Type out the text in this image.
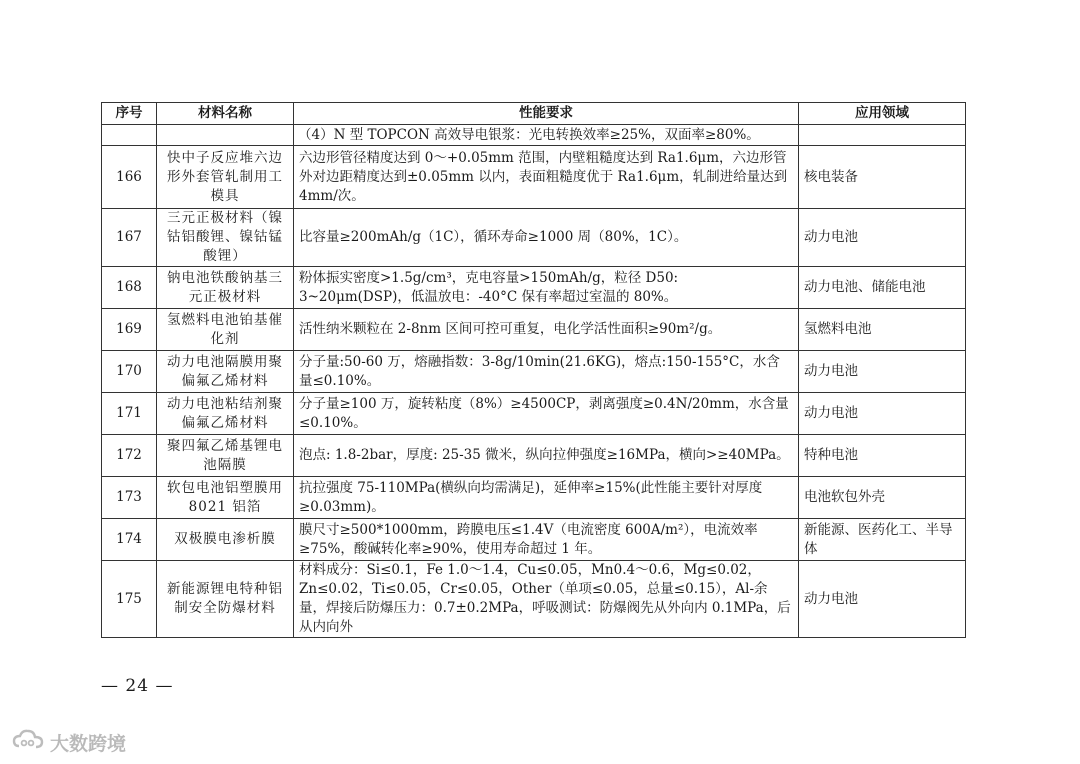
序号	材料名称	性能要求	应用领域
		（4）N 型 TOPCON 高效导电银浆：光电转换效率≥25%，双面率≥80%。	
166	快中子反应堆六边形外套管轧制用工模具	六边形管径精度达到 0～+0.05mm 范围，内壁粗糙度达到 Ra1.6μm，六边形管外对边距精度达到±0.05mm 以内，表面粗糙度优于 Ra1.6μm，轧制进给量达到 4mm/次。	核电装备
167	三元正极材料（镍钴铝酸锂、镍钴锰酸锂）	比容量≥200mAh/g（1C），循环寿命≥1000 周（80%，1C）。	动力电池
168	钠电池铁酸钠基三元正极材料	粉体振实密度>1.5g/cm³，克电容量>150mAh/g，粒径 D50: 3~20μm(DSP)，低温放电：-40°C 保有率超过室温的 80%。	动力电池、储能电池
169	氢燃料电池铂基催化剂	活性纳米颗粒在 2-8nm 区间可控可重复，电化学活性面积≥90m²/g。	氢燃料电池
170	动力电池隔膜用聚偏氟乙烯材料	分子量:50-60 万，熔融指数：3-8g/10min(21.6KG)，熔点:150-155°C，水含量≤0.10%。	动力电池
171	动力电池粘结剂聚偏氟乙烯材料	分子量≥100 万，旋转粘度（8%）≥4500CP，剥离强度≥0.4N/20mm，水含量≤0.10%。	动力电池
172	聚四氟乙烯基锂电池隔膜	泡点: 1.8-2bar，厚度: 25-35 微米，纵向拉伸强度≥16MPa，横向>≥40MPa。	特种电池
173	软包电池铝塑膜用 8021 铝箔	抗拉强度 75-110MPa(横纵向均需满足)，延伸率≥15%(此性能主要针对厚度≥0.03mm)。	电池软包外壳
174	双极膜电渗析膜	膜尺寸≥500*1000mm，跨膜电压≤1.4V（电流密度 600A/m²），电流效率≥75%，酸碱转化率≥90%，使用寿命超过 1 年。	新能源、医药化工、半导体
175	新能源锂电特种铝制安全防爆材料	材料成分：Si≤0.1，Fe 1.0～1.4，Cu≤0.05，Mn0.4～0.6，Mg≤0.02，Zn≤0.02，Ti≤0.05，Cr≤0.05，Other（单项≤0.05，总量≤0.15），Al-余量，焊接后防爆压力：0.7±0.2MPa，呼吸测试：防爆阀先从外向内 0.1MPa，后从内向外	动力电池
— 24 —
大数跨境
